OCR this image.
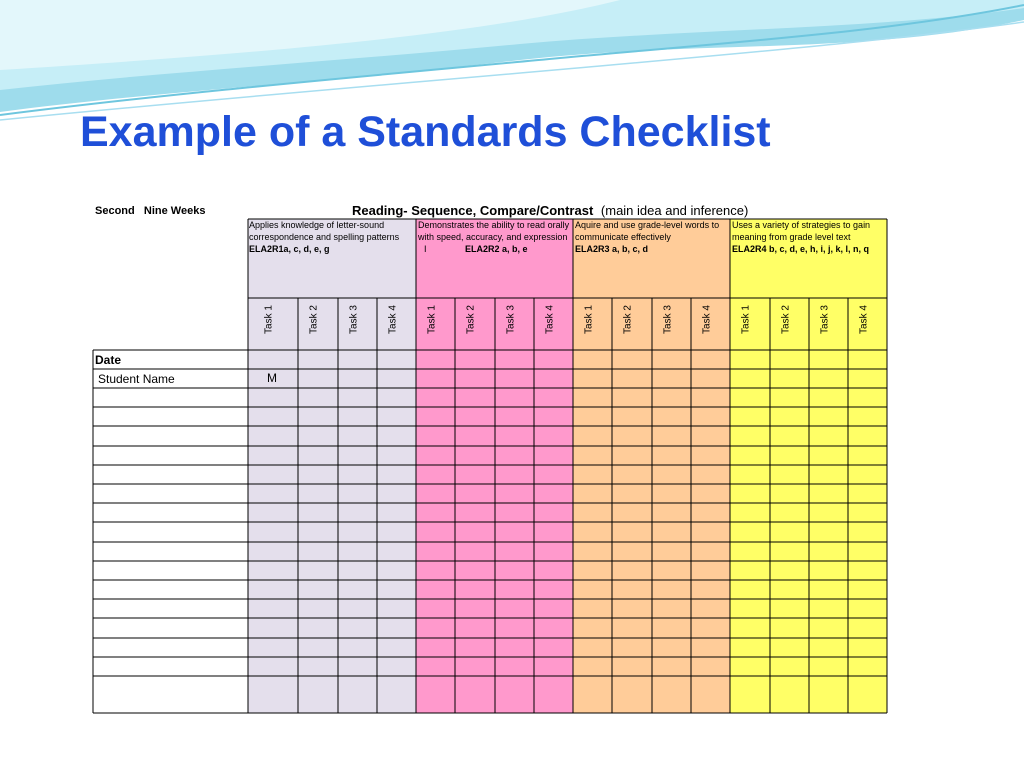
Example of a Standards Checklist
Second   Nine Weeks	Reading- Sequence, Compare/Contrast (main idea and inference)
Applies knowledge of letter-sound correspondence and spelling patterns
ELA2R1a, c, d, e, g
Demonstrates the ability to read orally with speed, accuracy, and expression I	ELA2R2 a, b, e
Aquire and use grade-level words to communicate effectively
ELA2R3 a, b, c, d
Uses a variety of strategies to gain meaning from grade level text
ELA2R4 b, c, d, e, h, i, j, k, l, n, q
Task 1	Task 2	Task 3	Task 4	Task 1	Task 2	Task 3	Task 4	Task 1	Task 2	Task 3	Task 4	Task 1	Task 2	Task 3	Task 4
Date
Student Name	M
